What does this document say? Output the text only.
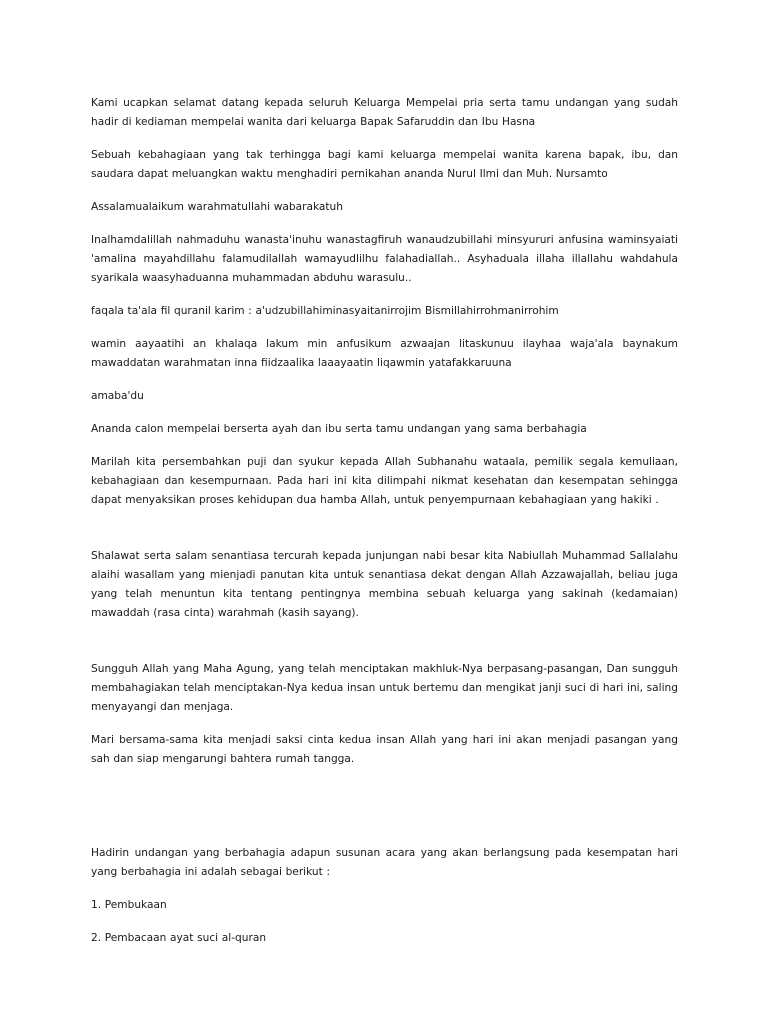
Kami ucapkan selamat datang kepada seluruh Keluarga Mempelai pria serta tamu undangan yang sudah hadir di kediaman mempelai wanita dari keluarga Bapak Safaruddin dan Ibu Hasna

Sebuah kebahagiaan yang tak terhingga bagi kami keluarga mempelai wanita karena bapak, ibu, dan saudara dapat meluangkan waktu menghadiri pernikahan ananda Nurul Ilmi dan Muh. Nursamto

Assalamualaikum warahmatullahi wabarakatuh

Inalhamdalillah nahmaduhu wanasta'inuhu wanastagfiruh wanaudzubillahi minsyururi anfusina waminsyaiati 'amalina mayahdillahu falamudilallah wamayudlilhu falahadiallah.. Asyhaduala illaha illallahu wahdahula syarikala waasyhaduanna muhammadan abduhu warasulu..

faqala ta'ala fil quranil karim : a'udzubillahiminasyaitanirrojim Bismillahirrohmanirrohim

wamin aayaatihi an khalaqa lakum min anfusikum azwaajan litaskunuu ilayhaa waja'ala baynakum mawaddatan warahmatan inna fiidzaalika laaayaatin liqawmin yatafakkaruuna

amaba'du

Ananda calon mempelai berserta ayah dan ibu serta tamu undangan yang sama berbahagia

Marilah kita persembahkan puji dan syukur kepada Allah Subhanahu wataala, pemilik segala kemuliaan, kebahagiaan dan kesempurnaan. Pada hari ini kita dilimpahi nikmat kesehatan dan kesempatan sehingga dapat menyaksikan proses kehidupan dua hamba Allah, untuk penyempurnaan kebahagiaan yang hakiki .

Shalawat serta salam senantiasa tercurah kepada junjungan nabi besar kita Nabiullah Muhammad Sallalahu alaihi wasallam yang mienjadi panutan kita untuk senantiasa dekat dengan Allah Azzawajallah, beliau juga yang telah menuntun kita tentang pentingnya membina sebuah keluarga yang sakinah (kedamaian) mawaddah (rasa cinta) warahmah (kasih sayang).

Sungguh Allah yang Maha Agung, yang telah menciptakan makhluk-Nya berpasang-pasangan, Dan sungguh membahagiakan telah menciptakan-Nya kedua insan untuk bertemu dan mengikat janji suci di hari ini, saling menyayangi dan menjaga.

Mari bersama-sama kita menjadi saksi cinta kedua insan Allah yang hari ini akan menjadi pasangan yang sah dan siap mengarungi bahtera rumah tangga.

Hadirin undangan yang berbahagia adapun susunan acara yang akan berlangsung pada kesempatan hari yang berbahagia ini adalah sebagai berikut :

1. Pembukaan

2. Pembacaan ayat suci al-quran
